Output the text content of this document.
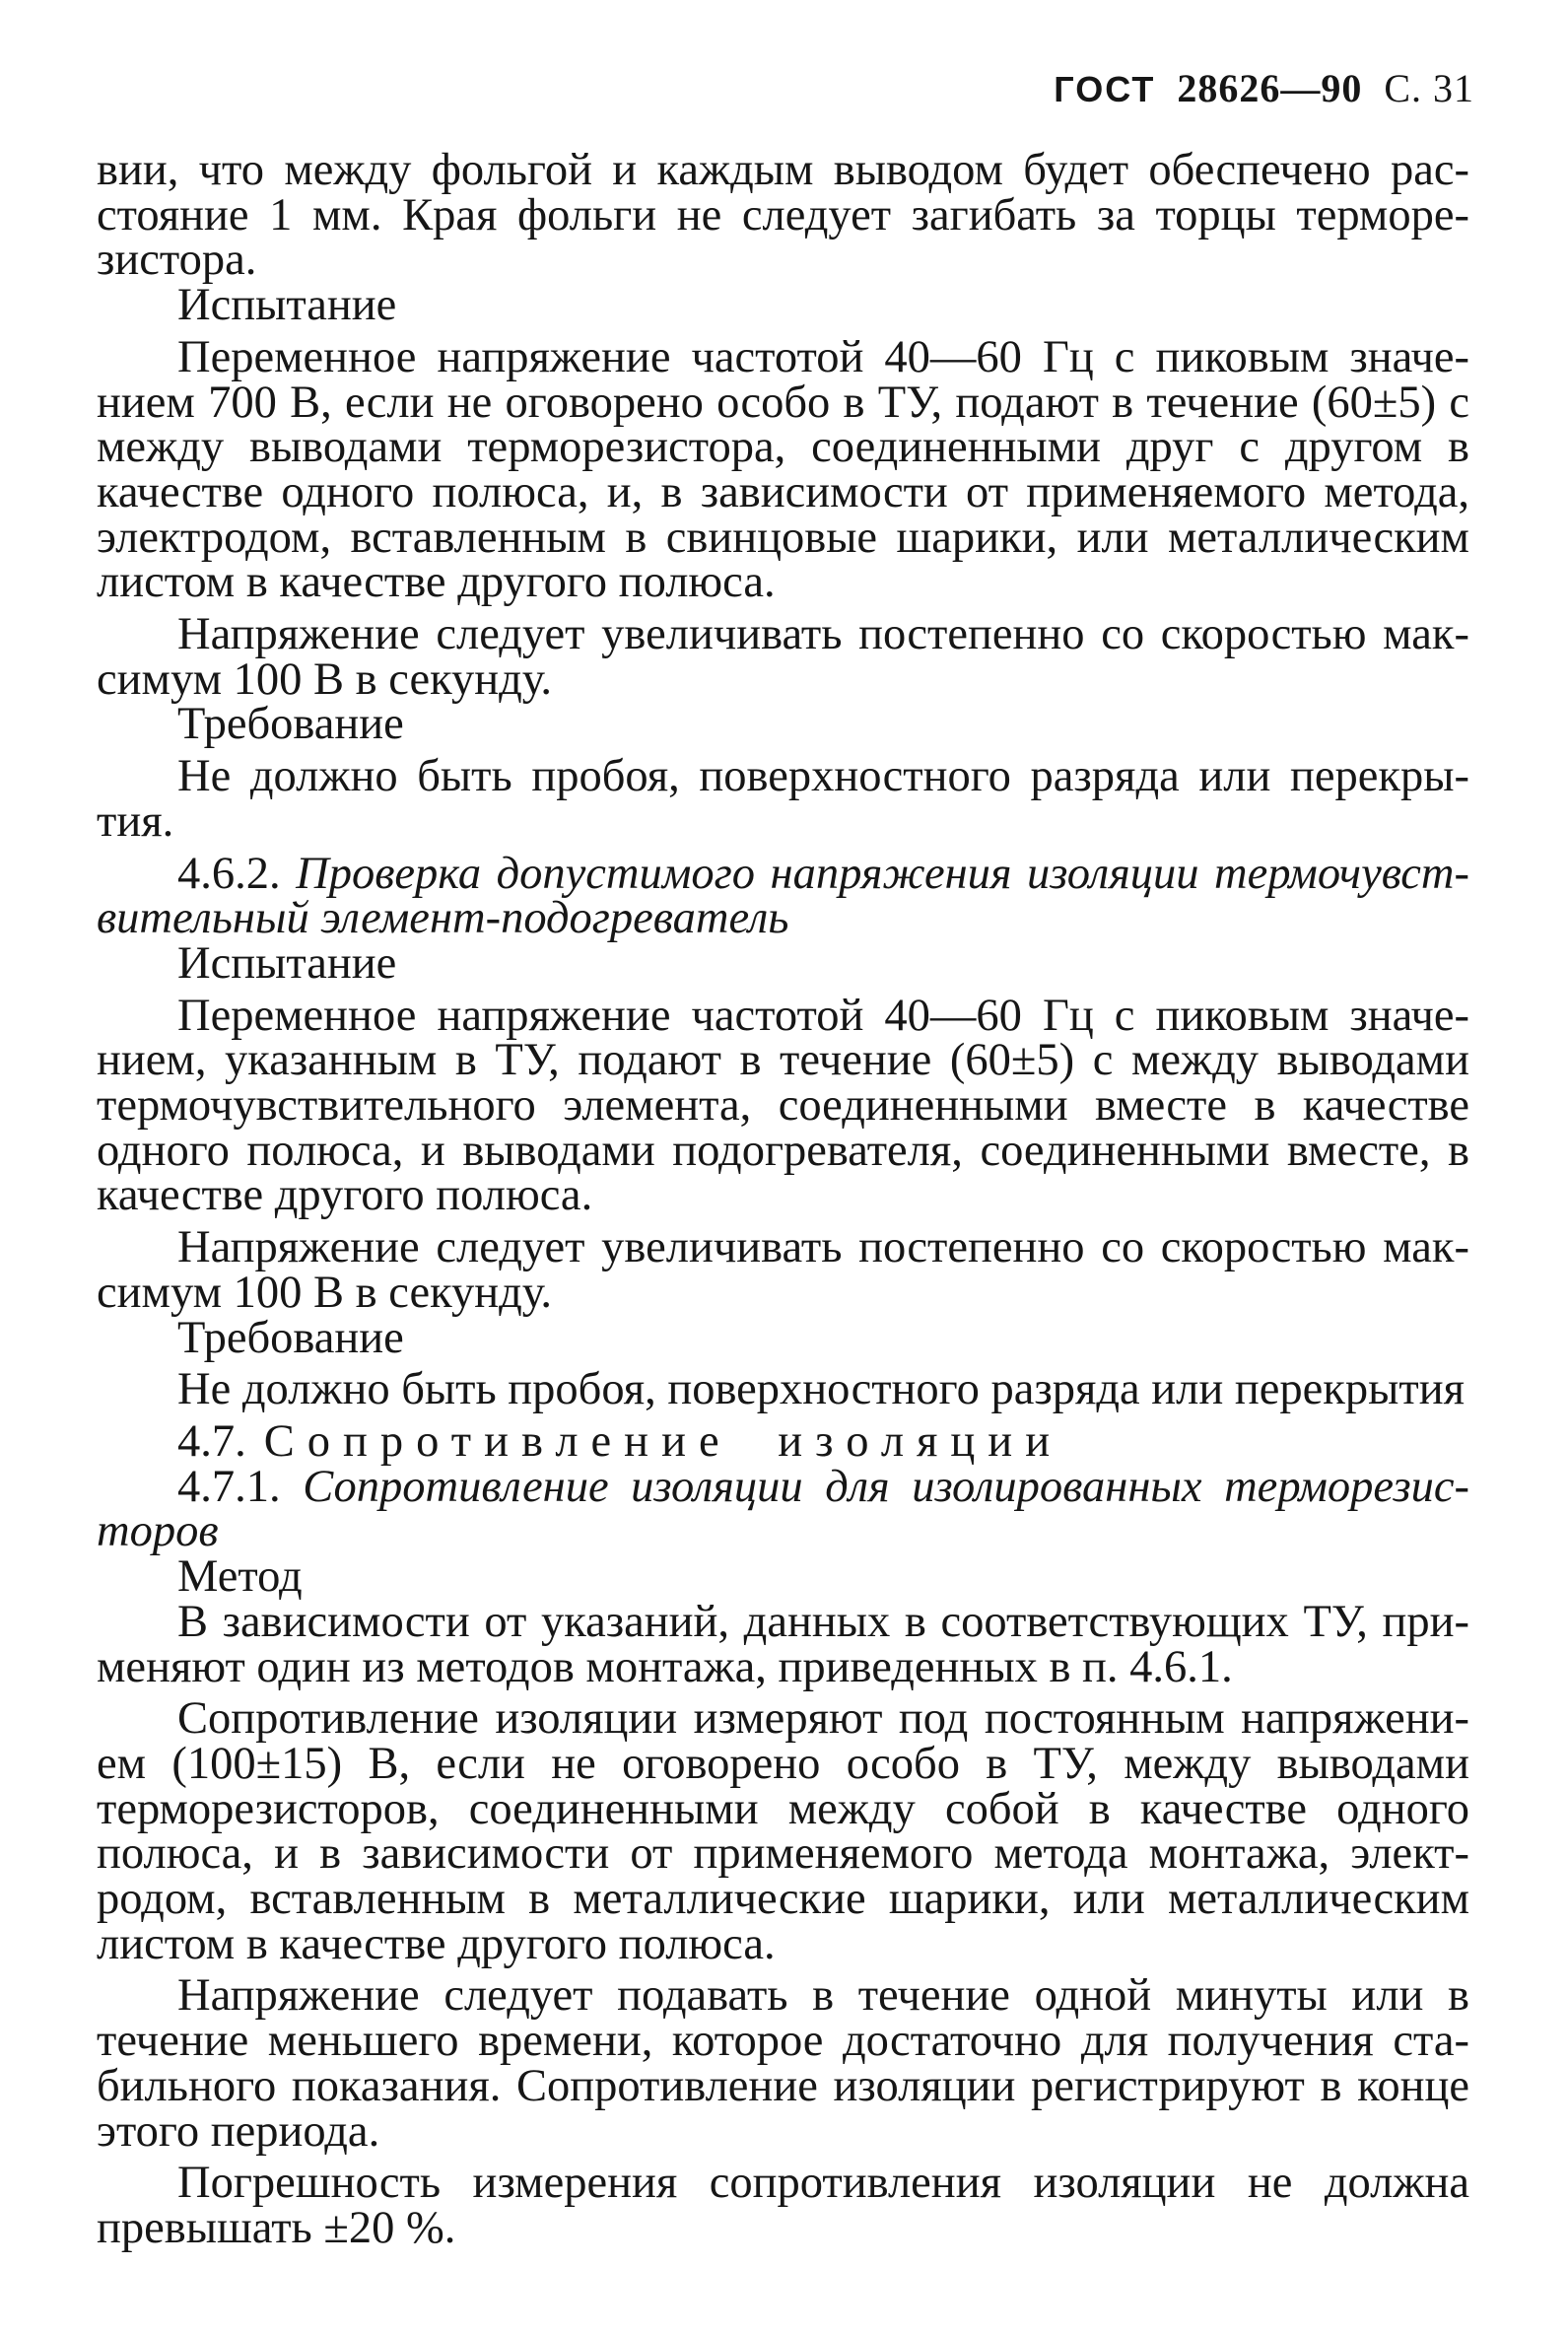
ГОСТ 28626—90 С. 31

вии, что между фольгой и каждым выводом будет обеспечено расстояние 1 мм. Края фольги не следует загибать за торцы терморезистора.

Испытание

Переменное напряжение частотой 40—60 Гц с пиковым значением 700 В, если не оговорено особо в ТУ, подают в течение (60±5) с между выводами терморезистора, соединенными друг с другом в качестве одного полюса, и, в зависимости от применяемого метода, электродом, вставленным в свинцовые шарики, или металлическим листом в качестве другого полюса.

Напряжение следует увеличивать постепенно со скоростью максимум 100 В в секунду.

Требование

Не должно быть пробоя, поверхностного разряда или перекрытия.

4.6.2. Проверка допустимого напряжения изоляции термочувствительный элемент-подогреватель

Испытание

Переменное напряжение частотой 40—60 Гц с пиковым значением, указанным в ТУ, подают в течение (60±5) с между выводами термочувствительного элемента, соединенными вместе в качестве одного полюса, и выводами подогревателя, соединенными вместе, в качестве другого полюса.

Напряжение следует увеличивать постепенно со скоростью максимум 100 В в секунду.

Требование

Не должно быть пробоя, поверхностного разряда или перекрытия

4.7. Сопротивление изоляции

4.7.1. Сопротивление изоляции для изолированных терморезисторов

Метод

В зависимости от указаний, данных в соответствующих ТУ, применяют один из методов монтажа, приведенных в п. 4.6.1.

Сопротивление изоляции измеряют под постоянным напряжением (100±15) В, если не оговорено особо в ТУ, между выводами терморезисторов, соединенными между собой в качестве одного полюса, и в зависимости от применяемого метода монтажа, электродом, вставленным в металлические шарики, или металлическим листом в качестве другого полюса.

Напряжение следует подавать в течение одной минуты или в течение меньшего времени, которое достаточно для получения стабильного показания. Сопротивление изоляции регистрируют в конце этого периода.

Погрешность измерения сопротивления изоляции не должна превышать ±20 %.
